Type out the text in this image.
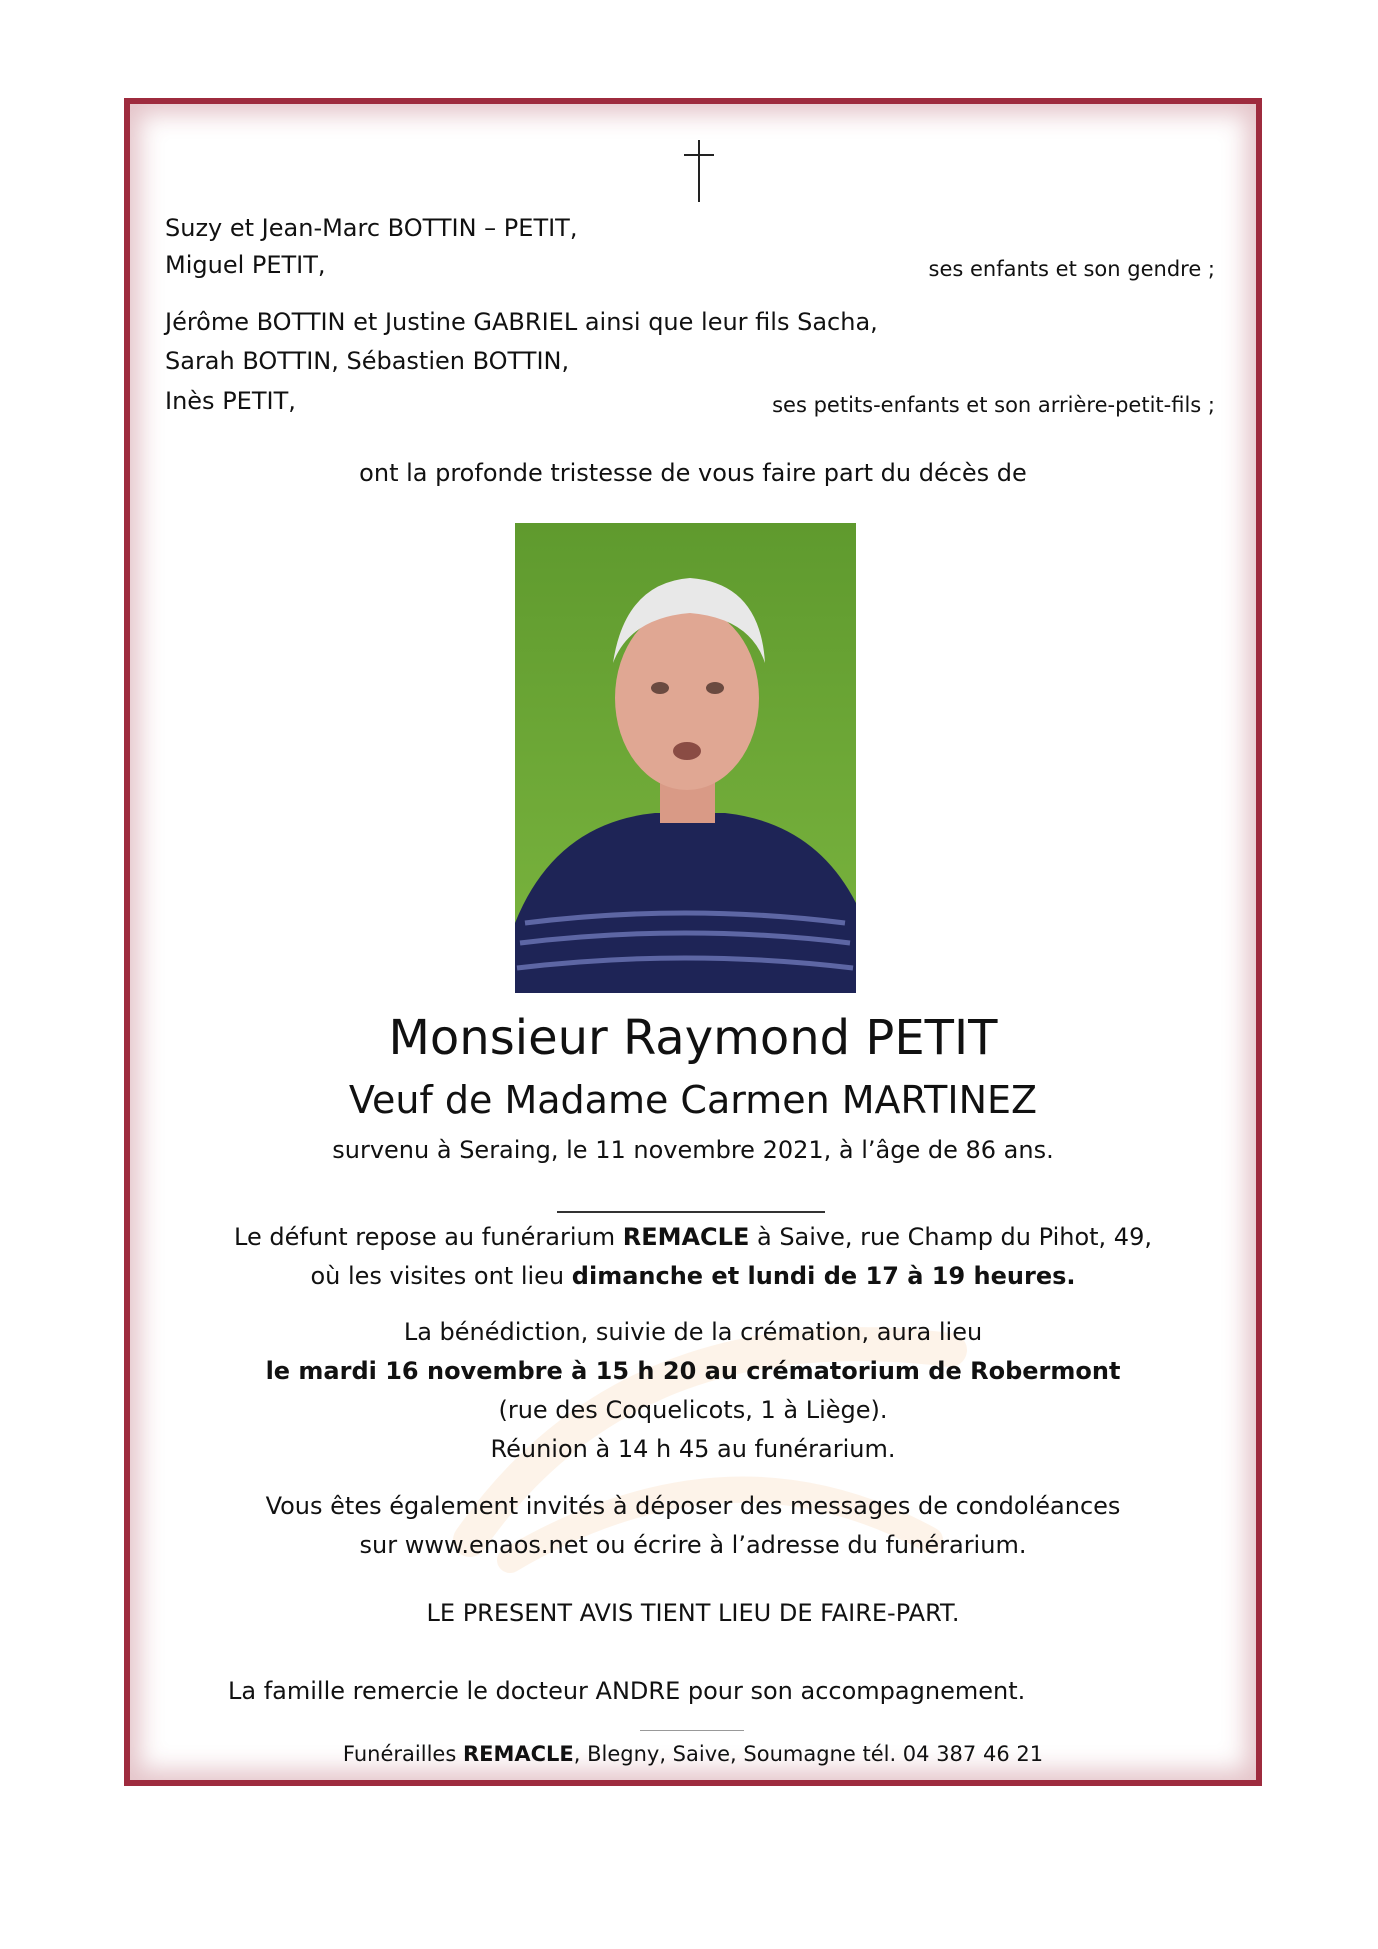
Suzy et Jean-Marc BOTTIN – PETIT,
Miguel PETIT,	ses enfants et son gendre ;
Jérôme BOTTIN et Justine GABRIEL ainsi que leur fils Sacha,
Sarah BOTTIN, Sébastien BOTTIN,
Inès PETIT,	ses petits-enfants et son arrière-petit-fils ;
ont la profonde tristesse de vous faire part du décès de
Monsieur Raymond PETIT
Veuf de Madame Carmen MARTINEZ
survenu à Seraing, le 11 novembre 2021, à l’âge de 86 ans.
Le défunt repose au funérarium REMACLE à Saive, rue Champ du Pihot, 49,
où les visites ont lieu dimanche et lundi de 17 à 19 heures.
La bénédiction, suivie de la crémation, aura lieu
le mardi 16 novembre à 15 h 20 au crématorium de Robermont
(rue des Coquelicots, 1 à Liège).
Réunion à 14 h 45 au funérarium.
Vous êtes également invités à déposer des messages de condoléances
sur www.enaos.net ou écrire à l’adresse du funérarium.
LE PRESENT AVIS TIENT LIEU DE FAIRE-PART.
La famille remercie le docteur ANDRE pour son accompagnement.
Funérailles REMACLE, Blegny, Saive, Soumagne tél. 04 387 46 21
